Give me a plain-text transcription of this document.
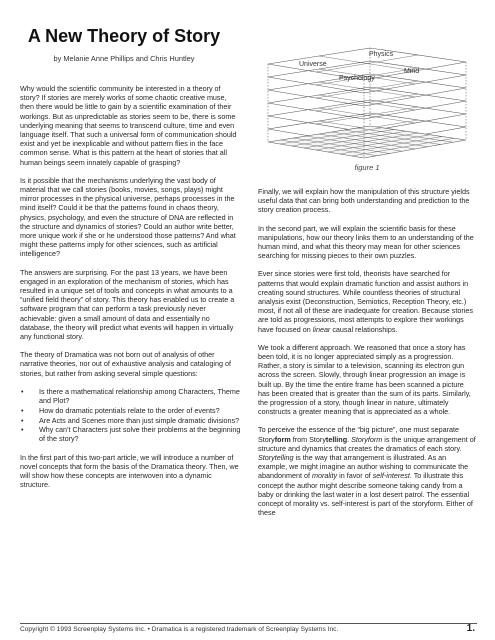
A New Theory of Story
by Melanie Anne Phillips and Chris Huntley

Why would the scientific community be interested in a theory of story? If stories are merely works of some chaotic creative muse, then there would be little to gain by a scientific examination of their workings. But as unpredictable as stories seem to be, there is some underlying meaning that seems to transcend culture, time and even language itself. That such a universal form of communication should exist and yet be inexplicable and without pattern flies in the face common sense. What is this pattern at the heart of stories that all human beings seem innately capable of grasping?

Is it possible that the mechanisms underlying the vast body of material that we call stories (books, movies, songs, plays) might mirror processes in the physical universe, perhaps processes in the mind itself? Could it be that the patterns found in chaos theory, physics, psychology, and even the structure of DNA are reflected in the structure and dynamics of stories? Could an author write better, more unique work if she or he understood those patterns? And what might these patterns imply for other sciences, such as artificial intelligence?

The answers are surprising. For the past 13 years, we have been engaged in an exploration of the mechanism of stories, which has resulted in a unique set of tools and concepts in what amounts to a “unified field theory” of story. This theory has enabled us to create a software program that can perform a task previously never achievable: given a small amount of data and essentially no database, the theory will predict what events will happen in virtually any functional story.

The theory of Dramatica was not born out of analysis of other narrative theories, nor out of exhaustive analysis and cataloging of stories, but rather from asking several simple questions:

• Is there a mathematical relationship among Characters, Theme and Plot?
• How do dramatic potentials relate to the order of events?
• Are Acts and Scenes more than just simple dramatic divisions?
• Why can’t Characters just solve their problems at the beginning of the story?

In the first part of this two-part article, we will introduce a number of novel concepts that form the basis of the Dramatica theory. Then, we will show how these concepts are interwoven into a dynamic structure.

Universe
Physics
Psychology
Mind
figure 1

Finally, we will explain how the manipulation of this structure yields useful data that can bring both understanding and prediction to the story creation process.

In the second part, we will explain the scientific basis for these manipulations, how our theory links them to an understanding of the human mind, and what this theory may mean for other sciences searching for missing pieces to their own puzzles.

Ever since stories were first told, theorists have searched for patterns that would explain dramatic function and assist authors in creating sound structures. While countless theories of structural analysis exist (Deconstruction, Semiotics, Reception Theory, etc.) most, if not all of these are inadequate for creation. Because stories are told as progressions, most attempts to explore their workings have focused on linear causal relationships.

We took a different approach. We reasoned that once a story has been told, it is no longer appreciated simply as a progression. Rather, a story is similar to a television, scanning its electron gun across the screen. Slowly, through linear progression an image is built up. By the time the entire frame has been scanned a picture has been created that is greater than the sum of its parts. Similarly, the progression of a story, though linear in nature, ultimately constructs a greater meaning that is appreciated as a whole.

To perceive the essence of the “big picture”, one must separate Storyform from Storytelling. Storyform is the unique arrangement of structure and dynamics that creates the dramatics of each story. Storytelling is the way that arrangement is illustrated. As an example, we might imagine an author wishing to communicate the abandonment of morality in favor of self-interest. To illustrate this concept the author might describe someone taking candy from a baby or drinking the last water in a lost desert patrol. The essential concept of morality vs. self-interest is part of the storyform. Either of these

Copyright © 1993 Screenplay Systems Inc. • Dramatica is a registered trademark of Screenplay Systems Inc.	1.
